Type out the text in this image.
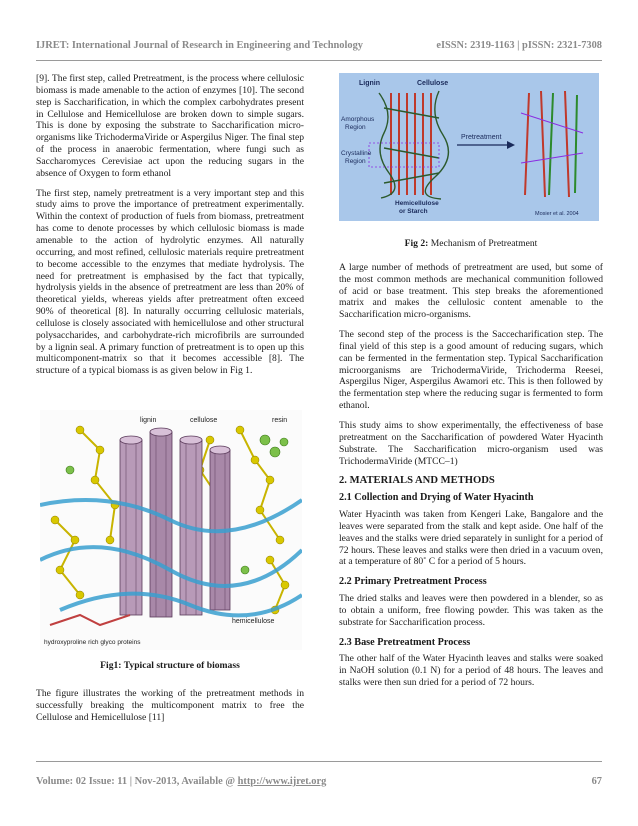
IJRET: International Journal of Research in Engineering and Technology	eISSN: 2319-1163 | pISSN: 2321-7308

[9]. The first step, called Pretreatment, is the process where cellulosic biomass is made amenable to the action of enzymes [10]. The second step is Saccharification, in which the complex carbohydrates present in Cellulose and Hemicellulose are broken down to simple sugars. This is done by exposing the substrate to Saccharification micro-organisms like TrichodermaViride or Aspergilus Niger. The final step of the process in anaerobic fermentation, where fungi such as Saccharomyces Cerevisiae act upon the reducing sugars in the absence of Oxygen to form ethanol

The first step, namely pretreatment is a very important step and this study aims to prove the importance of pretreatment experimentally. Within the context of production of fuels from biomass, pretreatment has come to denote processes by which cellulosic biomass is made amenable to the action of hydrolytic enzymes. All naturally occurring, and most refined, cellulosic materials require pretreatment to become accessible to the enzymes that mediate hydrolysis. The need for pretreatment is emphasised by the fact that typically, hydrolysis yields in the absence of pretreatment are less than 20% of theoretical yields, whereas yields after pretreatment often exceed 90% of theoretical [8]. In naturally occurring cellulosic materials, cellulose is closely associated with hemicellulose and other structural polysaccharides, and carbohydrate-rich microfibrils are surrounded by a lignin seal. A primary function of pretreatment is to open up this multicomponent-matrix so that it becomes accessible [8]. The structure of a typical biomass is as given below in Fig 1.

lignin	cellulose	resin
hydroxyproline rich glyco proteins
hemicellulose
Fig1: Typical structure of biomass

The figure illustrates the working of the pretreatment methods in successfully breaking the multicomponent matrix to free the Cellulose and Hemicellulose [11]

Lignin	Cellulose
Amorphous
Region
Crystalline
Region
Pretreatment
Hemicellulose
or Starch	Mosier et al. 2004
Fig 2: Mechanism of Pretreatment

A large number of methods of pretreatment are used, but some of the most common methods are mechanical communition followed of acid or base treatment. This step breaks the aforementioned matrix and makes the cellulosic content amenable to the Saccharification micro-organisms.

The second step of the process is the Saccecharification step. The final yield of this step is a good amount of reducing sugars, which can be fermented in the fermentation step. Typical Saccharification microorganisms are TrichodermaViride, Trichoderma Reesei, Aspergilus Niger, Aspergilus Awamori etc. This is then followed by the fermentation step where the reducing sugar is fermented to form ethanol.

This study aims to show experimentally, the effectiveness of base pretreatment on the Saccharification of powdered Water Hyacinth Substrate. The Saccharification micro-organism used was TrichodermaViride (MTCC–1)

2. MATERIALS AND METHODS
2.1 Collection and Drying of Water Hyacinth

Water Hyacinth was taken from Kengeri Lake, Bangalore and the leaves were separated from the stalk and kept aside. One half of the leaves and the stalks were dried separately in sunlight for a period of 72 hours. These leaves and stalks were then dried in a vacuum oven, at a temperature of 80˚ C for a period of 5 hours.

2.2 Primary Pretreatment Process

The dried stalks and leaves were then powdered in a blender, so as to obtain a uniform, free flowing powder. This was taken as the substrate for Saccharification process.

2.3 Base Pretreatment Process

The other half of the Water Hyacinth leaves and stalks were soaked in NaOH solution (0.1 N) for a period of 48 hours. The leaves and stalks were then sun dried for a period of 72 hours.

Volume: 02 Issue: 11 | Nov-2013, Available @ http://www.ijret.org	67
